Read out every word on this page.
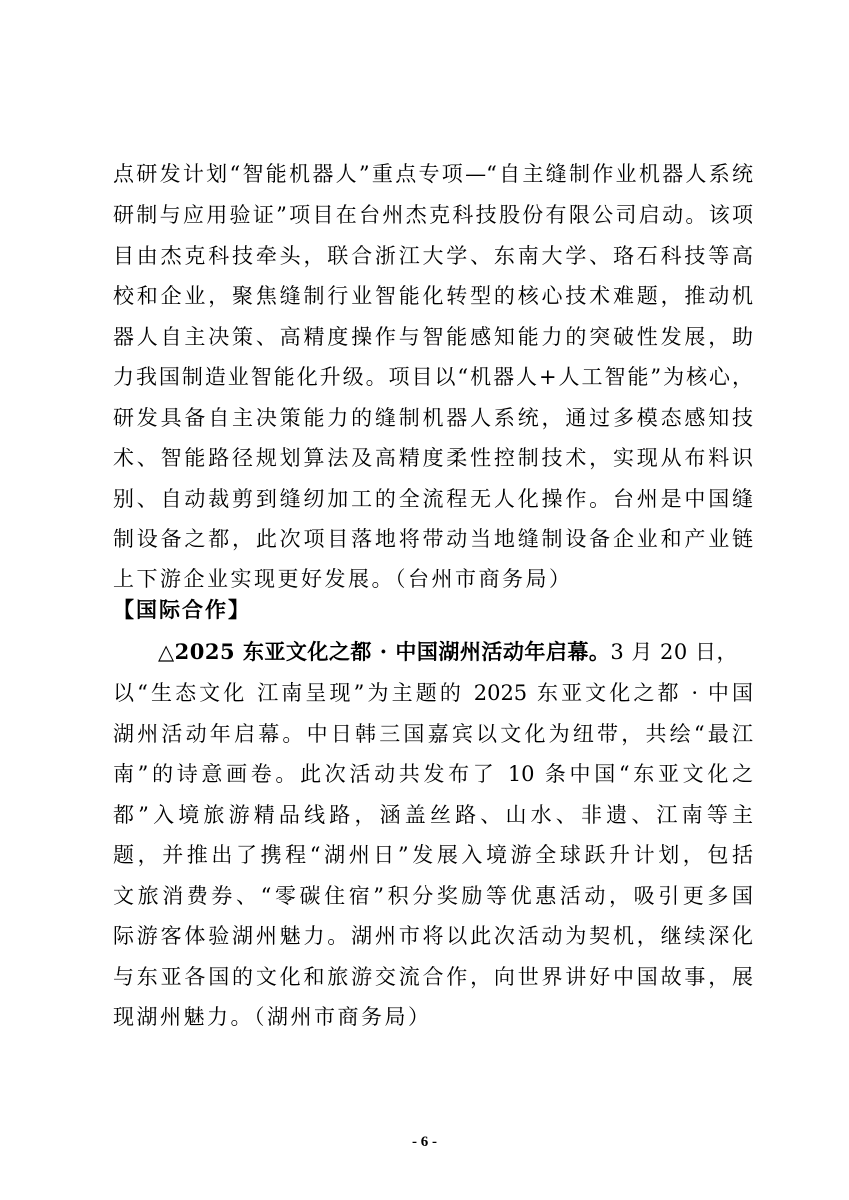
点研发计划“智能机器人”重点专项—“自主缝制作业机器人系统
研制与应用验证”项目在台州杰克科技股份有限公司启动。该项
目由杰克科技牵头，联合浙江大学、东南大学、珞石科技等高
校和企业，聚焦缝制行业智能化转型的核心技术难题，推动机
器人自主决策、高精度操作与智能感知能力的突破性发展，助
力我国制造业智能化升级。项目以“机器人+人工智能”为核心，
研发具备自主决策能力的缝制机器人系统，通过多模态感知技
术、智能路径规划算法及高精度柔性控制技术，实现从布料识
别、自动裁剪到缝纫加工的全流程无人化操作。台州是中国缝
制设备之都，此次项目落地将带动当地缝制设备企业和产业链
上下游企业实现更好发展。（台州市商务局）
【国际合作】
△2025 东亚文化之都 · 中国湖州活动年启幕。3 月 20 日，
以“生态文化 江南呈现”为主题的 2025 东亚文化之都 · 中国
湖州活动年启幕。中日韩三国嘉宾以文化为纽带，共绘“最江
南”的诗意画卷。此次活动共发布了 10 条中国“东亚文化之
都”入境旅游精品线路，涵盖丝路、山水、非遗、江南等主
题，并推出了携程“湖州日”发展入境游全球跃升计划，包括
文旅消费券、“零碳住宿”积分奖励等优惠活动，吸引更多国
际游客体验湖州魅力。湖州市将以此次活动为契机，继续深化
与东亚各国的文化和旅游交流合作，向世界讲好中国故事，展
现湖州魅力。（湖州市商务局）
- 6 -
